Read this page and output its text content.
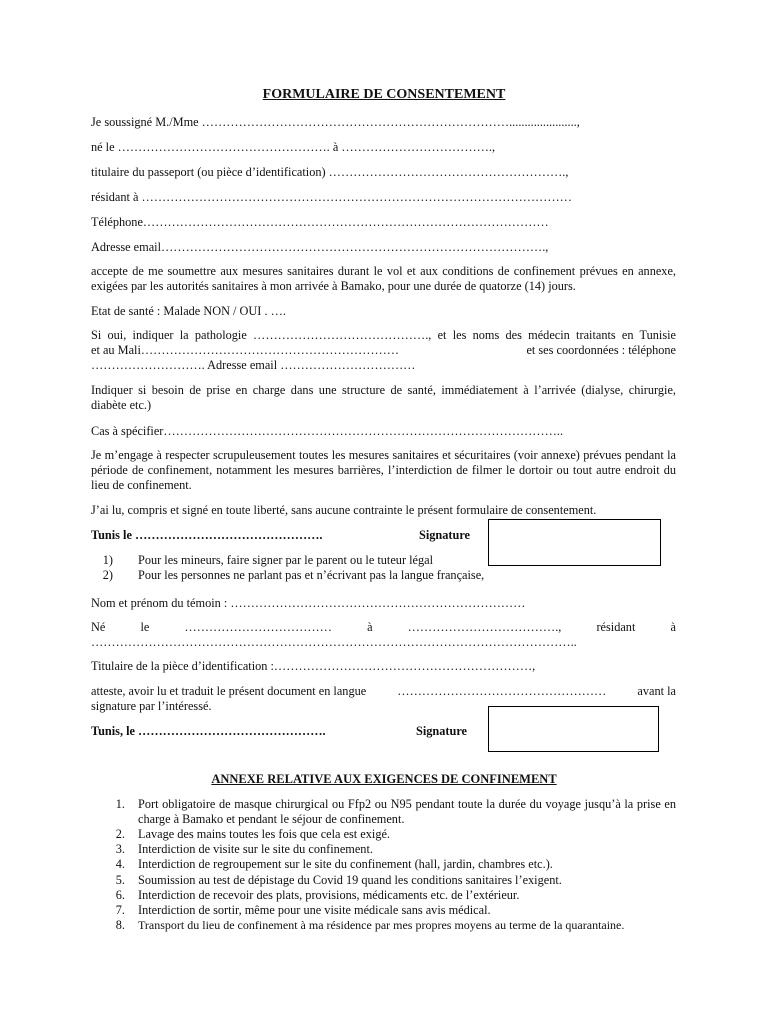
FORMULAIRE DE CONSENTEMENT
Je soussigné M./Mme …………………………………………………………………......................,
né le ……………………………………………. à ……………………………….,
titulaire du passeport (ou pièce d’identification) ………………………………………………….,
résidant à ……………………………………………………………………………………………
Téléphone………………………………………………………………………………………
Adresse email………………………………………………………………………………….,
accepte de me soumettre aux mesures sanitaires durant le vol et aux conditions de confinement prévues en annexe, exigées par les autorités sanitaires à mon arrivée à Bamako, pour une durée de quatorze (14) jours.
Etat de santé : Malade NON / OUI . ….
Si oui, indiquer la pathologie ……………………………………., et les noms des médecin traitants en Tunisie
et au Mali………………………………………………………	et ses coordonnées : téléphone
………………………. Adresse email ……………………………
Indiquer si besoin de prise en charge dans une structure de santé, immédiatement à l’arrivée (dialyse, chirurgie, diabète etc.)
Cas à spécifier……………………………………………………………………………………..
Je m’engage à respecter scrupuleusement toutes les mesures sanitaires et sécuritaires (voir annexe) prévues pendant la période de confinement, notamment les mesures barrières, l’interdiction de filmer le dortoir ou tout autre endroit du lieu de confinement.
J’ai lu, compris et signé en toute liberté, sans aucune contrainte le présent formulaire de consentement.
Tunis le ……………………………………….	Signature
1) Pour les mineurs, faire signer par le parent ou le tuteur légal
2) Pour les personnes ne parlant pas et n’écrivant pas la langue française,
Nom et prénom du témoin : ………………………………………………………………
Né	le	………………………………	à	……………………………….,	résidant	à
………………………………………………………………………………………………………..
Titulaire de la pièce d’identification :………………………………………………………,
atteste, avoir lu et traduit le présent document en langue	……………………………………………	avant la
signature par l’intéressé.
Tunis, le ……………………………………….	Signature
ANNEXE RELATIVE AUX EXIGENCES DE CONFINEMENT
1. Port obligatoire de masque chirurgical ou Ffp2 ou N95 pendant toute la durée du voyage jusqu’à la prise en charge à Bamako et pendant le séjour de confinement.
2. Lavage des mains toutes les fois que cela est exigé.
3. Interdiction de visite sur le site du confinement.
4. Interdiction de regroupement sur le site du confinement (hall, jardin, chambres etc.).
5. Soumission au test de dépistage du Covid 19 quand les conditions sanitaires l’exigent.
6. Interdiction de recevoir des plats, provisions, médicaments etc. de l’extérieur.
7. Interdiction de sortir, même pour une visite médicale sans avis médical.
8. Transport du lieu de confinement à ma résidence par mes propres moyens au terme de la quarantaine.
